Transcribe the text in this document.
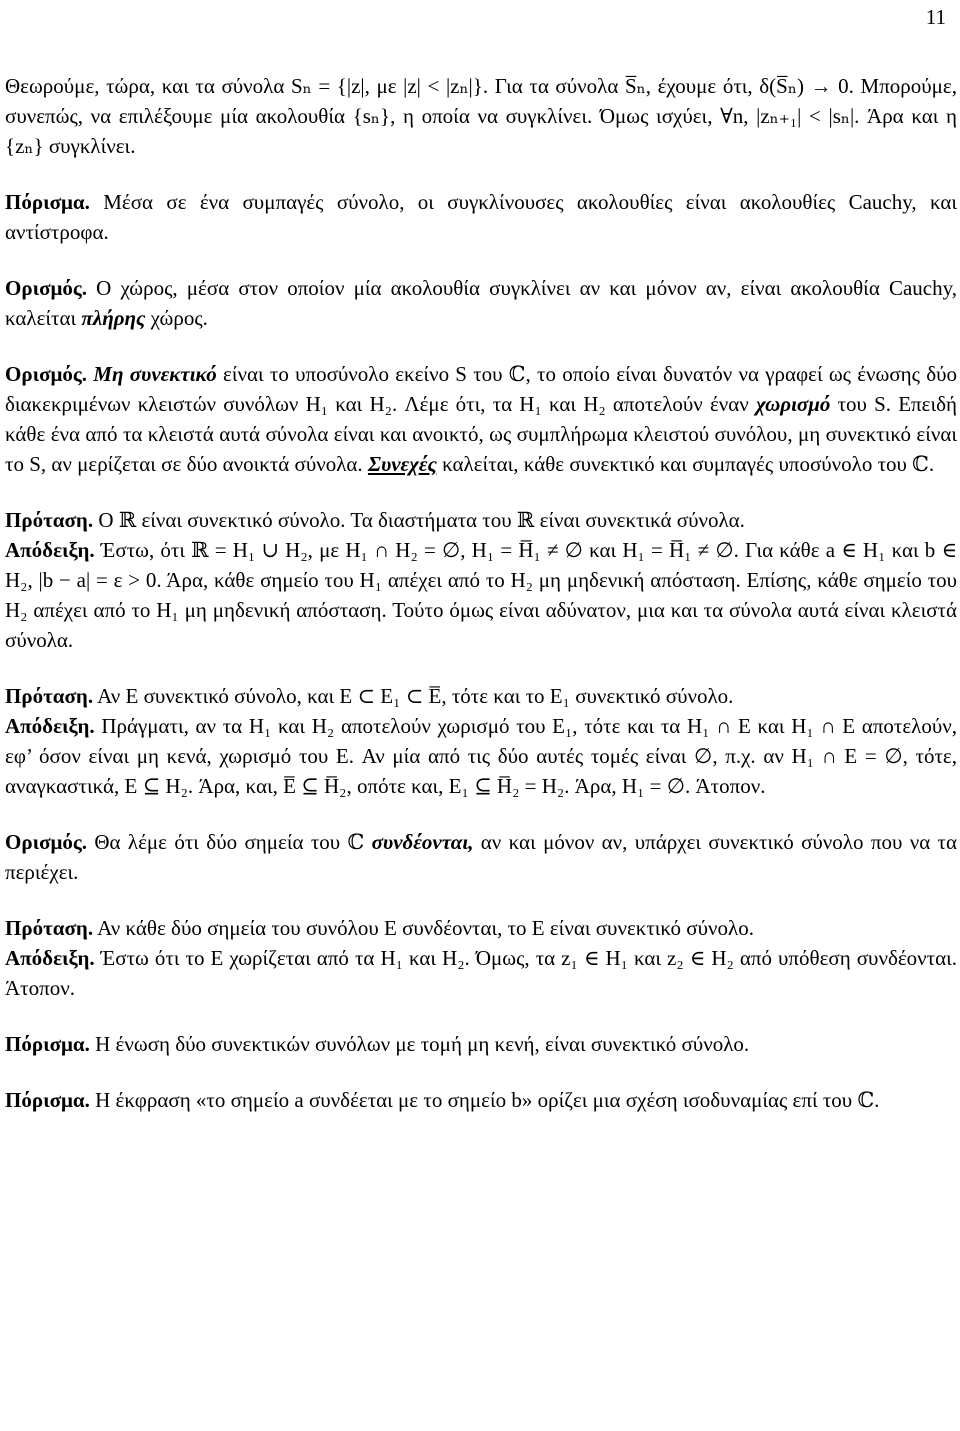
11

Θεωρούμε, τώρα, και τα σύνολα Sₙ = {|z|, με |z| < |zₙ|}. Για τα σύνολα S̅ₙ, έχουμε ότι, δ(S̅ₙ) → 0. Μπορούμε, συνεπώς, να επιλέξουμε μία ακολουθία {sₙ}, η οποία να συγκλίνει. Όμως ισχύει, ∀n, |zₙ₊₁| < |sₙ|. Άρα και η {zₙ} συγκλίνει.

Πόρισμα. Μέσα σε ένα συμπαγές σύνολο, οι συγκλίνουσες ακολουθίες είναι ακολουθίες Cauchy, και αντίστροφα.

Ορισμός. Ο χώρος, μέσα στον οποίον μία ακολουθία συγκλίνει αν και μόνον αν, είναι ακολουθία Cauchy, καλείται πλήρης χώρος.

Ορισμός. Μη συνεκτικό είναι το υποσύνολο εκείνο S του ℂ, το οποίο είναι δυνατόν να γραφεί ως ένωσης δύο διακεκριμένων κλειστών συνόλων H₁ και H₂. Λέμε ότι, τα H₁ και H₂ αποτελούν έναν χωρισμό του S. Επειδή κάθε ένα από τα κλειστά αυτά σύνολα είναι και ανοικτό, ως συμπλήρωμα κλειστού συνόλου, μη συνεκτικό είναι το S, αν μερίζεται σε δύο ανοικτά σύνολα. Συνεχές καλείται, κάθε συνεκτικό και συμπαγές υποσύνολο του ℂ.

Πρόταση. Ο ℝ είναι συνεκτικό σύνολο. Τα διαστήματα του ℝ είναι συνεκτικά σύνολα.

Απόδειξη. Έστω, ότι ℝ = H₁ ∪ H₂, με H₁ ∩ H₂ = ∅, H₁ = H̅₁ ≠ ∅ και H₁ = H̅₁ ≠ ∅. Για κάθε a ∈ H₁ και b ∈ H₂, |b − a| = ε > 0. Άρα, κάθε σημείο του H₁ απέχει από το H₂ μη μηδενική απόσταση. Επίσης, κάθε σημείο του H₂ απέχει από το H₁ μη μηδενική απόσταση. Τούτο όμως είναι αδύνατον, μια και τα σύνολα αυτά είναι κλειστά σύνολα.

Πρόταση. Αν E συνεκτικό σύνολο, και E ⊂ E₁ ⊂ E̅, τότε και το E₁ συνεκτικό σύνολο.

Απόδειξη. Πράγματι, αν τα H₁ και H₂ αποτελούν χωρισμό του E₁, τότε και τα H₁ ∩ E και H₁ ∩ E αποτελούν, εφ’ όσον είναι μη κενά, χωρισμό του E. Αν μία από τις δύο αυτές τομές είναι ∅, π.χ. αν H₁ ∩ E = ∅, τότε, αναγκαστικά, E ⊆ H₂. Άρα, και, E̅ ⊆ H̅₂, οπότε και, E₁ ⊆ H̅₂ = H₂. Άρα, H₁ = ∅. Άτοπον.

Ορισμός. Θα λέμε ότι δύο σημεία του ℂ συνδέονται, αν και μόνον αν, υπάρχει συνεκτικό σύνολο που να τα περιέχει.

Πρόταση. Αν κάθε δύο σημεία του συνόλου E συνδέονται, το E είναι συνεκτικό σύνολο.

Απόδειξη. Έστω ότι το E χωρίζεται από τα H₁ και H₂. Όμως, τα z₁ ∈ H₁ και z₂ ∈ H₂ από υπόθεση συνδέονται. Άτοπον.

Πόρισμα. Η ένωση δύο συνεκτικών συνόλων με τομή μη κενή, είναι συνεκτικό σύνολο.

Πόρισμα. Η έκφραση «το σημείο a συνδέεται με το σημείο b» ορίζει μια σχέση ισοδυναμίας επί του ℂ.
